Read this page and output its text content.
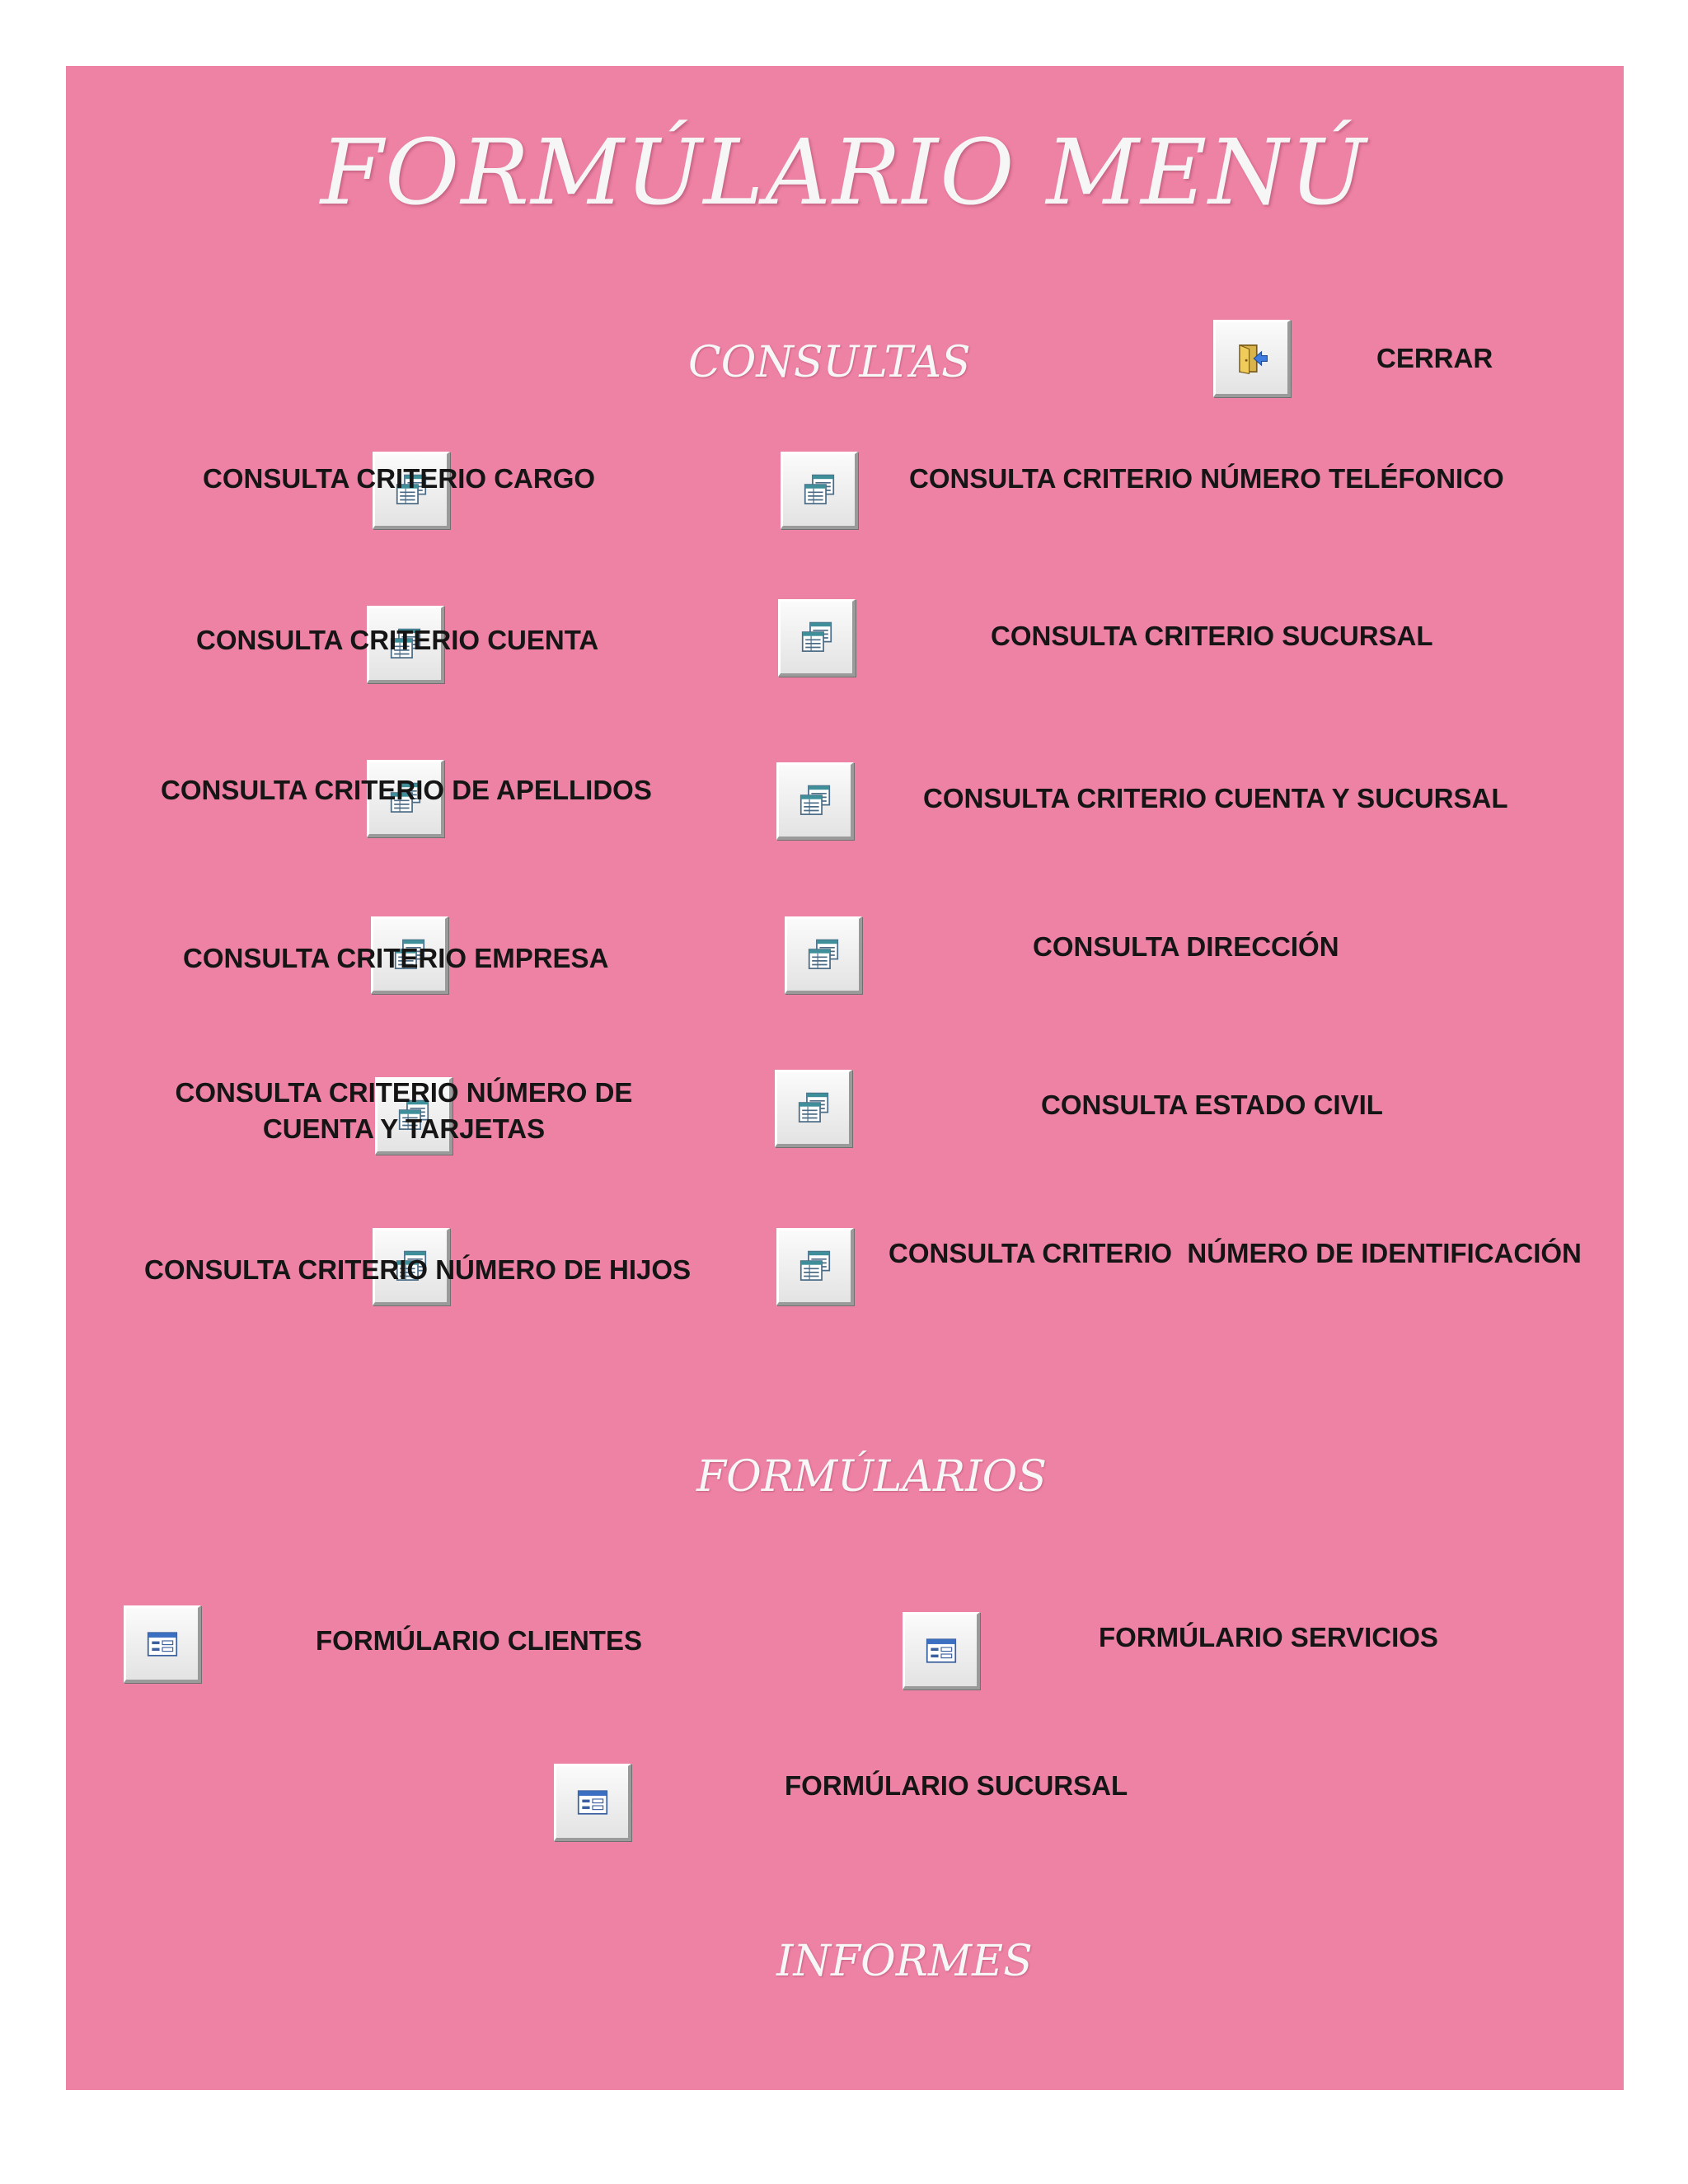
FORMÚLARIO MENÚ
CONSULTAS
FORMÚLARIOS
INFORMES
CERRAR
CONSULTA CRITERIO CARGO
CONSULTA CRITERIO CUENTA
CONSULTA CRITERIO DE APELLIDOS
CONSULTA CRITERIO EMPRESA
CONSULTA CRITERIO NÚMERO DE CUENTA Y TARJETAS
CONSULTA CRITERIO NÚMERO DE HIJOS
CONSULTA CRITERIO NÚMERO TELÉFONICO
CONSULTA CRITERIO SUCURSAL
CONSULTA CRITERIO CUENTA Y SUCURSAL
CONSULTA DIRECCIÓN
CONSULTA ESTADO CIVIL
CONSULTA CRITERIO  NÚMERO DE IDENTIFICACIÓN
FORMÚLARIO CLIENTES	FORMÚLARIO SERVICIOS
FORMÚLARIO SUCURSAL
